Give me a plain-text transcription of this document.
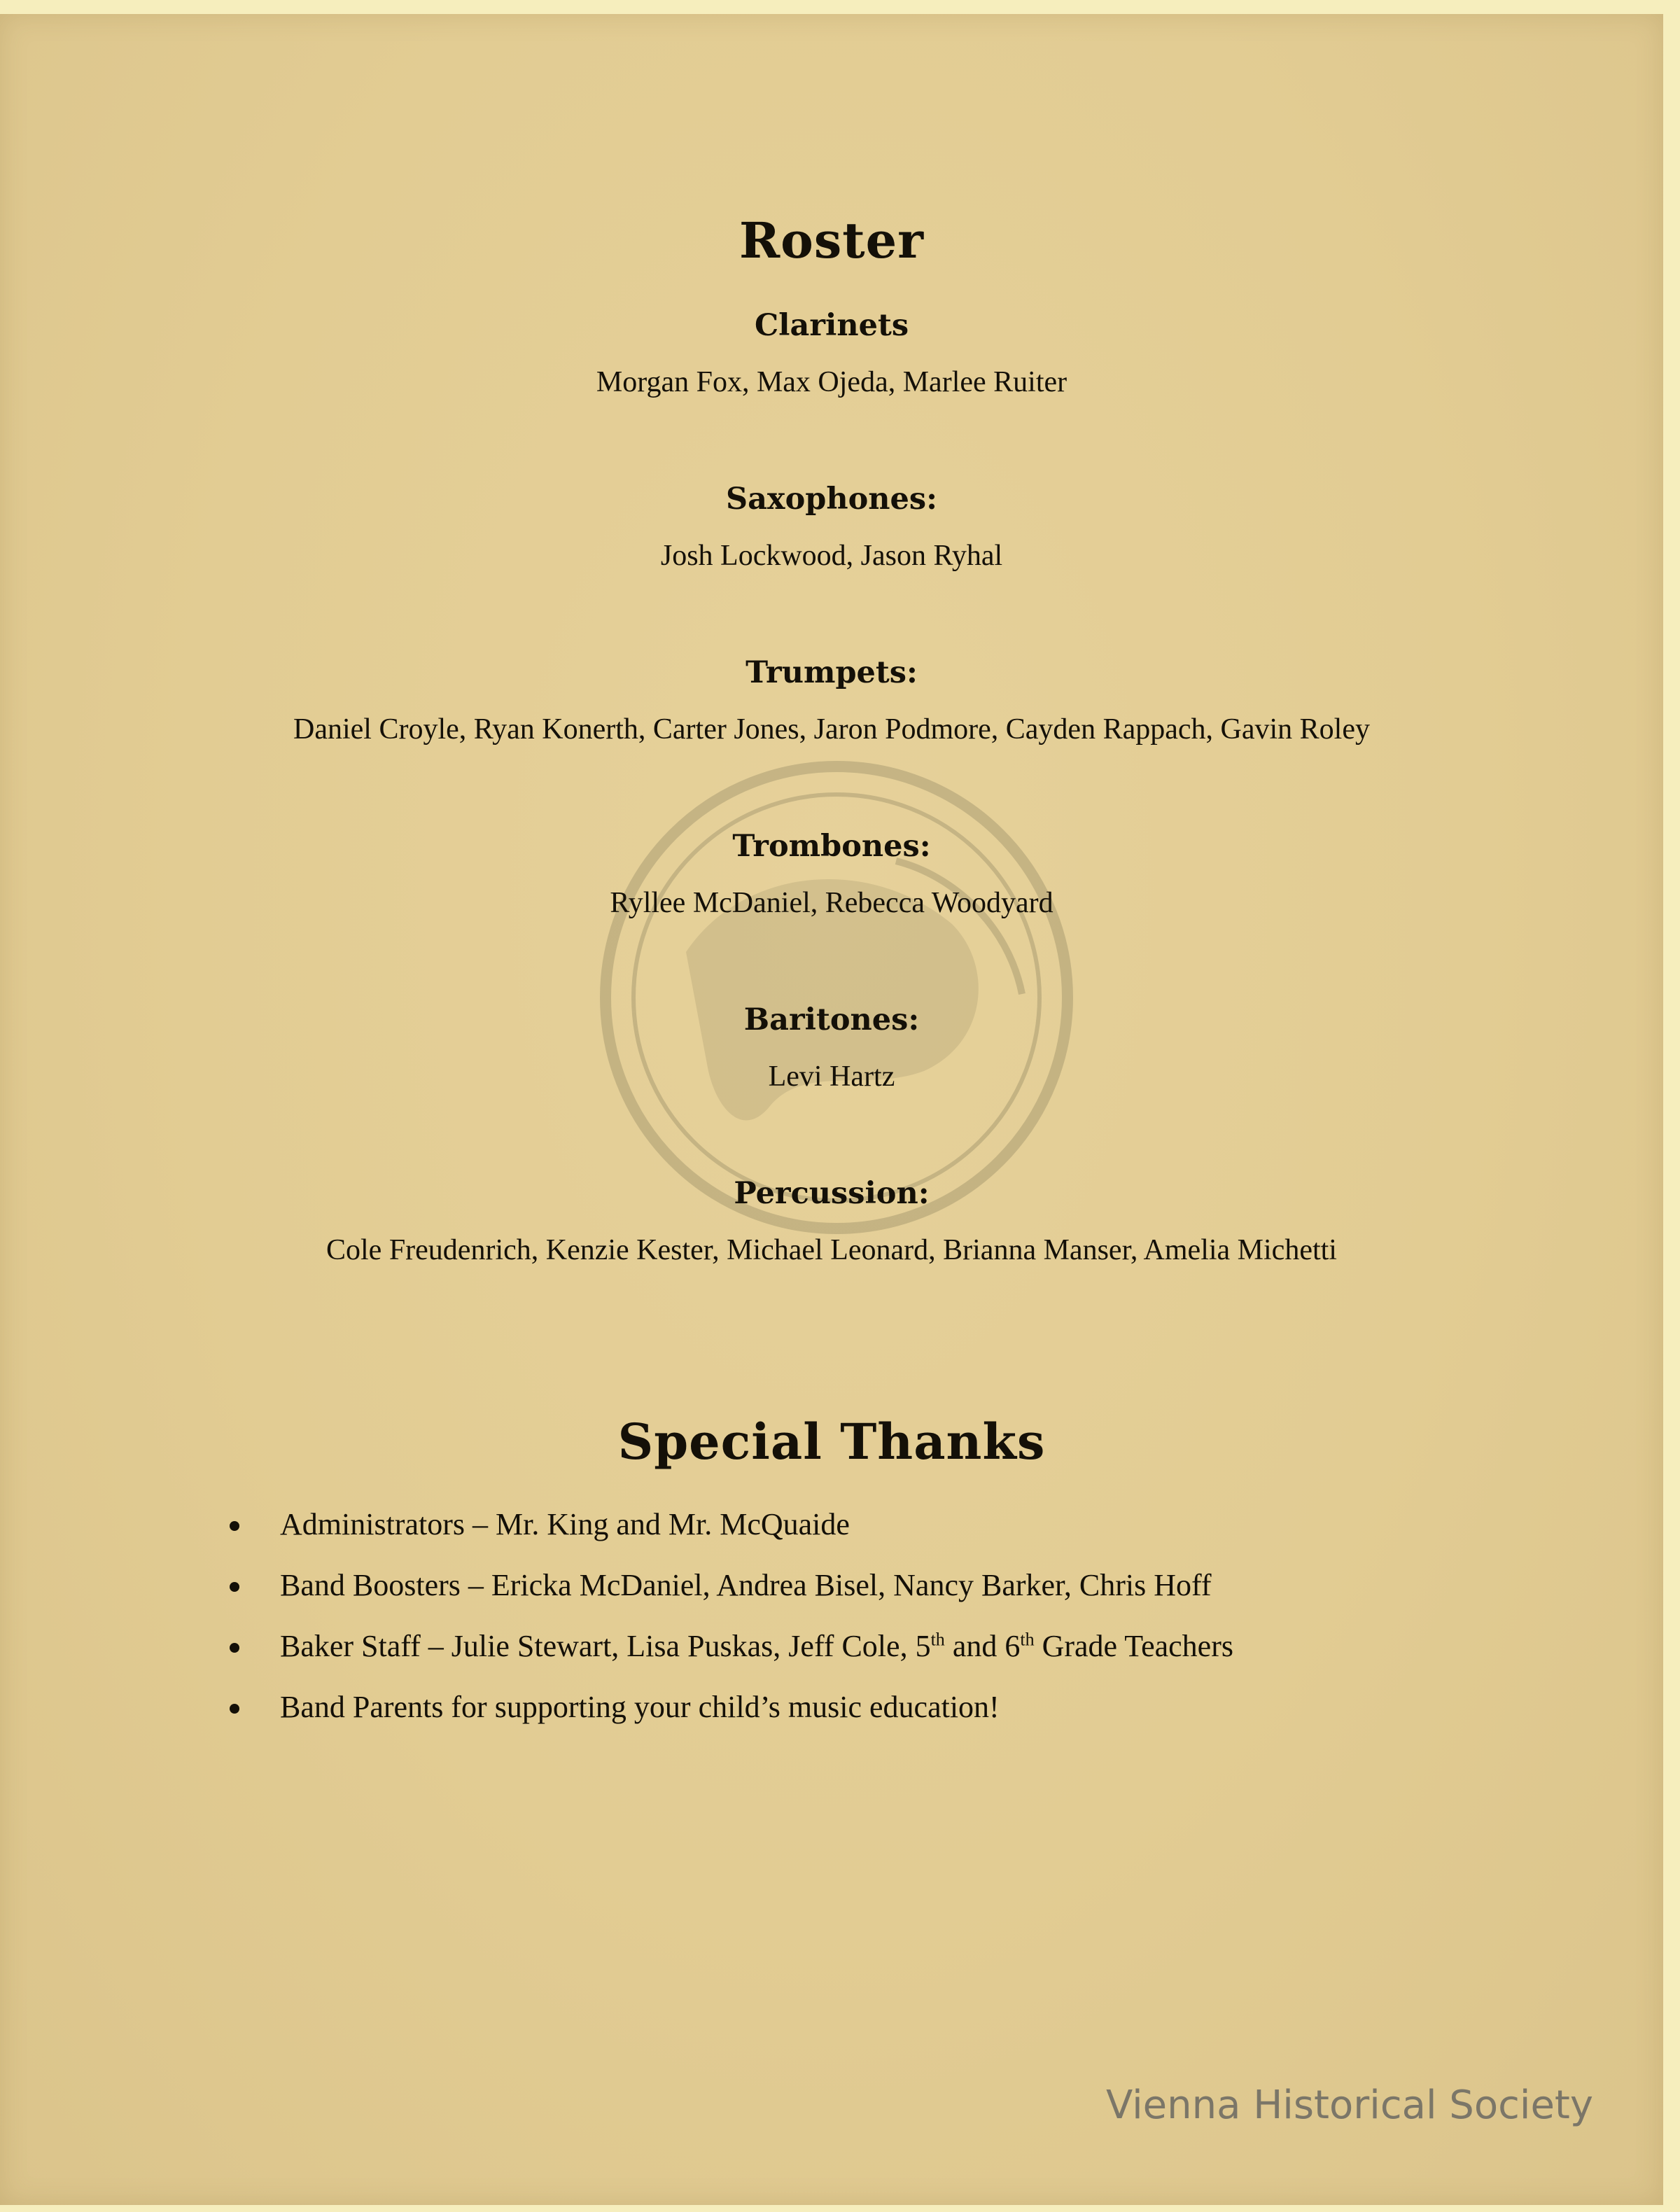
Roster
Clarinets
Morgan Fox, Max Ojeda, Marlee Ruiter
Saxophones:
Josh Lockwood, Jason Ryhal
Trumpets:
Daniel Croyle, Ryan Konerth, Carter Jones, Jaron Podmore, Cayden Rappach, Gavin Roley
Trombones:
Ryllee McDaniel, Rebecca Woodyard
Baritones:
Levi Hartz
Percussion:
Cole Freudenrich, Kenzie Kester, Michael Leonard, Brianna Manser, Amelia Michetti
Special Thanks
Administrators – Mr. King and Mr. McQuaide
Band Boosters – Ericka McDaniel, Andrea Bisel, Nancy Barker, Chris Hoff
Baker Staff – Julie Stewart, Lisa Puskas, Jeff Cole, 5th and 6th Grade Teachers
Band Parents for supporting your child’s music education!
Vienna Historical Society
